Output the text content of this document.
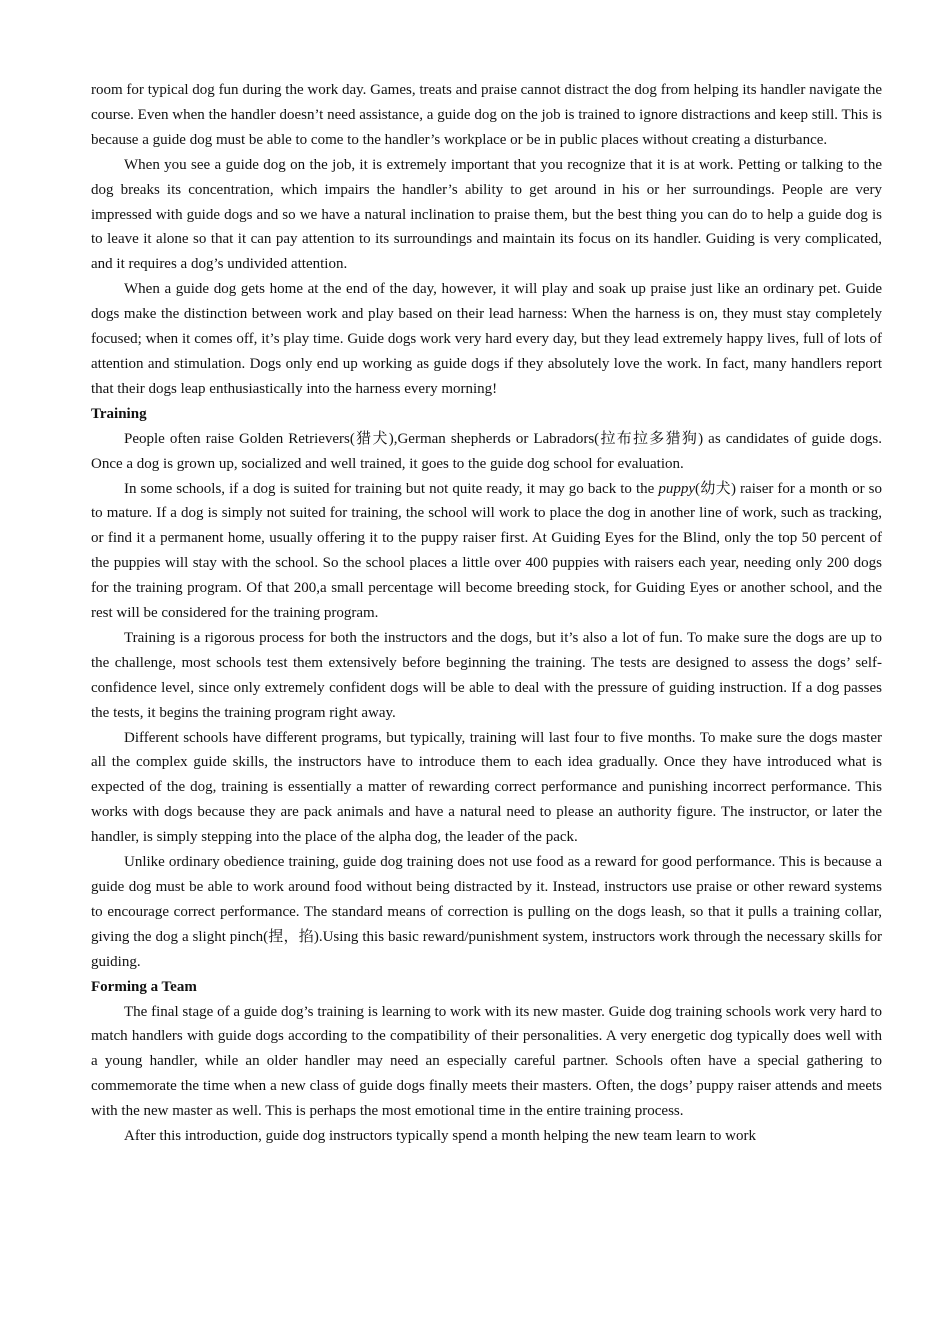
room for typical dog fun during the work day. Games, treats and praise cannot distract the dog from helping its handler navigate the course. Even when the handler doesn’t need assistance, a guide dog on the job is trained to ignore distractions and keep still. This is because a guide dog must be able to come to the handler’s workplace or be in public places without creating a disturbance.

When you see a guide dog on the job, it is extremely important that you recognize that it is at work. Petting or talking to the dog breaks its concentration, which impairs the handler’s ability to get around in his or her surroundings. People are very impressed with guide dogs and so we have a natural inclination to praise them, but the best thing you can do to help a guide dog is to leave it alone so that it can pay attention to its surroundings and maintain its focus on its handler. Guiding is very complicated, and it requires a dog’s undivided attention.

When a guide dog gets home at the end of the day, however, it will play and soak up praise just like an ordinary pet. Guide dogs make the distinction between work and play based on their lead harness: When the harness is on, they must stay completely focused; when it comes off, it’s play time. Guide dogs work very hard every day, but they lead extremely happy lives, full of lots of attention and stimulation. Dogs only end up working as guide dogs if they absolutely love the work. In fact, many handlers report that their dogs leap enthusiastically into the harness every morning!

Training

People often raise Golden Retrievers(猎犬),German shepherds or Labradors(拉布拉多猎狗) as candidates of guide dogs. Once a dog is grown up, socialized and well trained, it goes to the guide dog school for evaluation.

In some schools, if a dog is suited for training but not quite ready, it may go back to the puppy(幼犬) raiser for a month or so to mature. If a dog is simply not suited for training, the school will work to place the dog in another line of work, such as tracking, or find it a permanent home, usually offering it to the puppy raiser first. At Guiding Eyes for the Blind, only the top 50 percent of the puppies will stay with the school. So the school places a little over 400 puppies with raisers each year, needing only 200 dogs for the training program. Of that 200,a small percentage will become breeding stock, for Guiding Eyes or another school, and the rest will be considered for the training program.

Training is a rigorous process for both the instructors and the dogs, but it’s also a lot of fun. To make sure the dogs are up to the challenge, most schools test them extensively before beginning the training. The tests are designed to assess the dogs’ self-confidence level, since only extremely confident dogs will be able to deal with the pressure of guiding instruction. If a dog passes the tests, it begins the training program right away.

Different schools have different programs, but typically, training will last four to five months. To make sure the dogs master all the complex guide skills, the instructors have to introduce them to each idea gradually. Once they have introduced what is expected of the dog, training is essentially a matter of rewarding correct performance and punishing incorrect performance. This works with dogs because they are pack animals and have a natural need to please an authority figure. The instructor, or later the handler, is simply stepping into the place of the alpha dog, the leader of the pack.

Unlike ordinary obedience training, guide dog training does not use food as a reward for good performance. This is because a guide dog must be able to work around food without being distracted by it. Instead, instructors use praise or other reward systems to encourage correct performance. The standard means of correction is pulling on the dogs leash, so that it pulls a training collar, giving the dog a slight pinch(捏，掐).Using this basic reward/punishment system, instructors work through the necessary skills for guiding.

Forming a Team

The final stage of a guide dog’s training is learning to work with its new master. Guide dog training schools work very hard to match handlers with guide dogs according to the compatibility of their personalities. A very energetic dog typically does well with a young handler, while an older handler may need an especially careful partner. Schools often have a special gathering to commemorate the time when a new class of guide dogs finally meets their masters. Often, the dogs’ puppy raiser attends and meets with the new master as well. This is perhaps the most emotional time in the entire training process.

After this introduction, guide dog instructors typically spend a month helping the new team learn to work
